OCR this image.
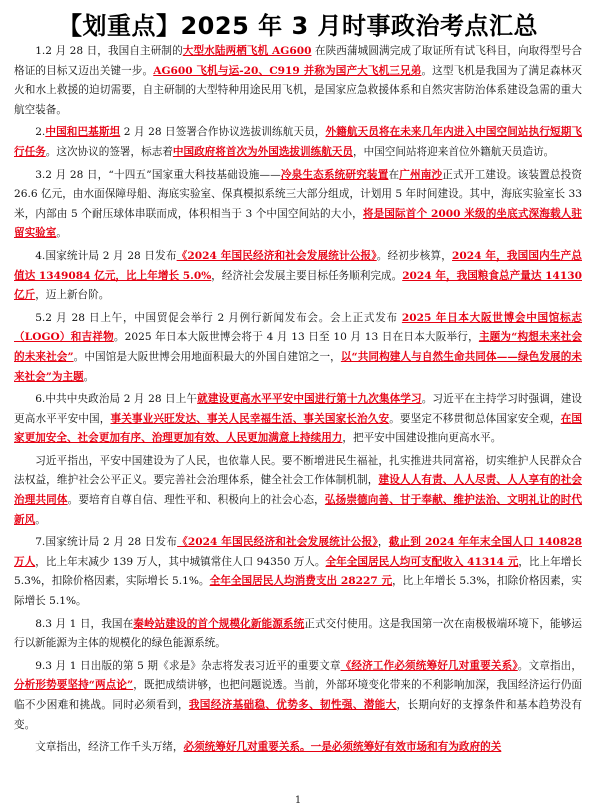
【划重点】2025 年 3 月时事政治考点汇总

1.2 月 28 日，我国自主研制的大型水陆两栖飞机 AG600 在陕西蒲城圆满完成了取证所有试飞科目，向取得型号合格证的目标又迈出关键一步。AG600 飞机与运-20、C919 并称为国产大飞机三兄弟。这型飞机是我国为了满足森林灭火和水上救援的迫切需要，自主研制的大型特种用途民用飞机，是国家应急救援体系和自然灾害防治体系建设急需的重大航空装备。

2.中国和巴基斯坦 2 月 28 日签署合作协议选拔训练航天员，外籍航天员将在未来几年内进入中国空间站执行短期飞行任务。这次协议的签署，标志着中国政府将首次为外国选拔训练航天员，中国空间站将迎来首位外籍航天员造访。

3.2 月 28 日，“十四五”国家重大科技基础设施——冷泉生态系统研究装置在广州南沙正式开工建设。该装置总投资 26.6 亿元，由水面保障母船、海底实验室、保真模拟系统三大部分组成，计划用 5 年时间建设。其中，海底实验室长 33 米，内部由 5 个耐压球体串联而成，体积相当于 3 个中国空间站的大小，将是国际首个 2000 米级的坐底式深海载人驻留实验室。

4.国家统计局 2 月 28 日发布《2024 年国民经济和社会发展统计公报》。经初步核算，2024 年，我国国内生产总值达 1349084 亿元，比上年增长 5.0%，经济社会发展主要目标任务顺利完成。2024 年，我国粮食总产量达 14130 亿斤，迈上新台阶。

5.2 月 28 日上午，中国贸促会举行 2 月例行新闻发布会。会上正式发布 2025 年日本大阪世博会中国馆标志（LOGO）和吉祥物。2025 年日本大阪世博会将于 4 月 13 日至 10 月 13 日在日本大阪举行，主题为“构想未来社会的未来社会”。中国馆是大阪世博会用地面积最大的外国自建馆之一，以“共同构建人与自然生命共同体——绿色发展的未来社会”为主题。

6.中共中央政治局 2 月 28 日上午就建设更高水平平安中国进行第十九次集体学习。习近平在主持学习时强调，建设更高水平平安中国，事关事业兴旺发达、事关人民幸福生活、事关国家长治久安。要坚定不移贯彻总体国家安全观，在国家更加安全、社会更加有序、治理更加有效、人民更加满意上持续用力，把平安中国建设推向更高水平。

习近平指出，平安中国建设为了人民，也依靠人民。要不断增进民生福祉，扎实推进共同富裕，切实维护人民群众合法权益，维护社会公平正义。要完善社会治理体系，健全社会工作体制机制，建设人人有责、人人尽责、人人享有的社会治理共同体。要培育自尊自信、理性平和、积极向上的社会心态，弘扬崇德向善、甘于奉献、维护法治、文明礼让的时代新风。

7.国家统计局 2 月 28 日发布《2024 年国民经济和社会发展统计公报》，截止到 2024 年年末全国人口 140828 万人，比上年末减少 139 万人，其中城镇常住人口 94350 万人。全年全国居民人均可支配收入 41314 元，比上年增长 5.3%，扣除价格因素，实际增长 5.1%。全年全国居民人均消费支出 28227 元，比上年增长 5.3%，扣除价格因素，实际增长 5.1%。

8.3 月 1 日，我国在秦岭站建设的首个规模化新能源系统正式交付使用。这是我国第一次在南极极端环境下，能够运行以新能源为主体的规模化的绿色能源系统。

9.3 月 1 日出版的第 5 期《求是》杂志将发表习近平的重要文章《经济工作必须统筹好几对重要关系》。文章指出，分析形势要坚持“两点论”，既把成绩讲够，也把问题说透。当前，外部环境变化带来的不利影响加深，我国经济运行仍面临不少困难和挑战。同时必须看到，我国经济基础稳、优势多、韧性强、潜能大，长期向好的支撑条件和基本趋势没有变。

文章指出，经济工作千头万绪，必须统筹好几对重要关系。一是必须统筹好有效市场和有为政府的关

1
